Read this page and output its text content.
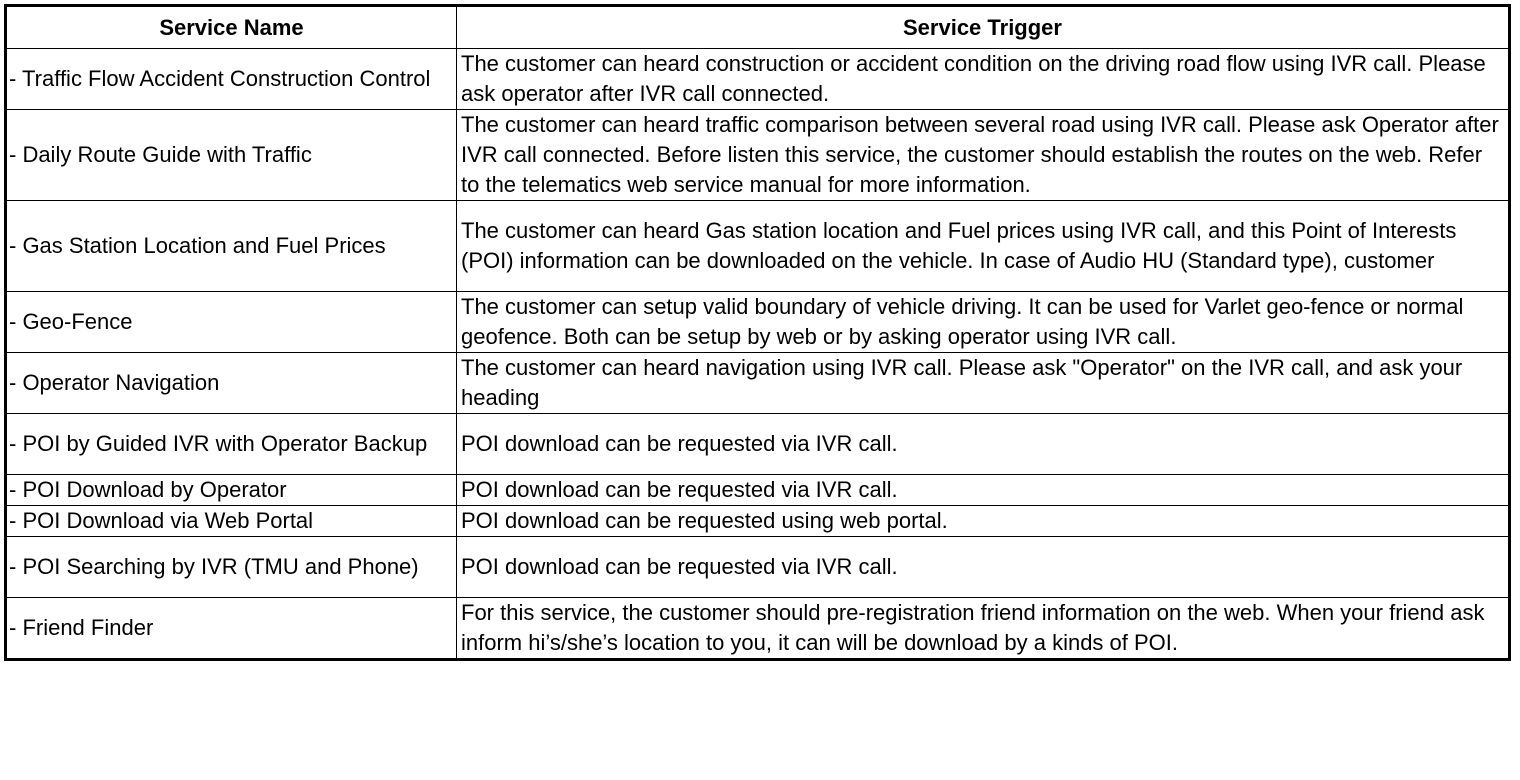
Service Name	Service Trigger
- Traffic Flow Accident Construction Control	The customer can heard construction or accident condition on the driving road flow using IVR call. Please ask operator after IVR call connected.
- Daily Route Guide with Traffic	The customer can heard traffic comparison between several road using IVR call. Please ask Operator after IVR call connected. Before listen this service, the customer should establish the routes on the web. Refer to the telematics web service manual for more information.
- Gas Station Location and Fuel Prices	The customer can heard Gas station location and Fuel prices using IVR call, and this Point of Interests (POI) information can be downloaded on the vehicle. In case of Audio HU (Standard type), customer
- Geo-Fence	The customer can setup valid boundary of vehicle driving. It can be used for Varlet geo-fence or normal geofence. Both can be setup by web or by asking operator using IVR call.
- Operator Navigation	The customer can heard navigation using IVR call. Please ask "Operator" on the IVR call, and ask your heading
- POI by Guided IVR with Operator Backup	POI download can be requested via IVR call.
- POI Download by Operator	POI download can be requested via IVR call.
- POI Download via Web Portal	POI download can be requested using web portal.
- POI Searching by IVR (TMU and Phone)	POI download can be requested via IVR call.
- Friend Finder	For this service, the customer should pre-registration friend information on the web. When your friend ask inform hi’s/she’s location to you, it can will be download by a kinds of POI.
